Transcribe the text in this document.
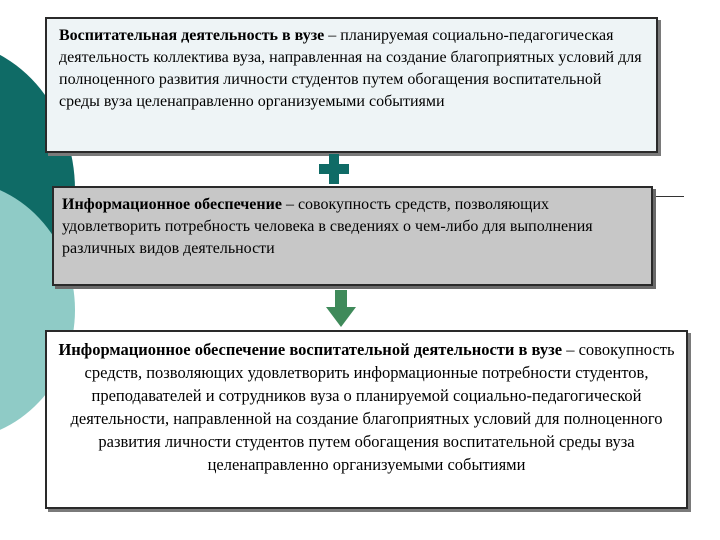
Воспитательная деятельность в вузе – планируемая социально-педагогическая деятельность коллектива вуза, направленная на создание благоприятных условий для полноценного развития личности студентов путем обогащения воспитательной среды вуза целенаправленно организуемыми событиями
Информационное обеспечение – совокупность средств, позволяющих удовлетворить потребность человека в сведениях о чем-либо для выполнения различных видов деятельности
Информационное обеспечение воспитательной деятельности в вузе – совокупность средств, позволяющих удовлетворить информационные потребности студентов, преподавателей и сотрудников вуза о планируемой социально-педагогической деятельности, направленной на создание благоприятных условий для полноценного развития личности студентов путем обогащения воспитательной среды вуза целенаправленно организуемыми событиями
